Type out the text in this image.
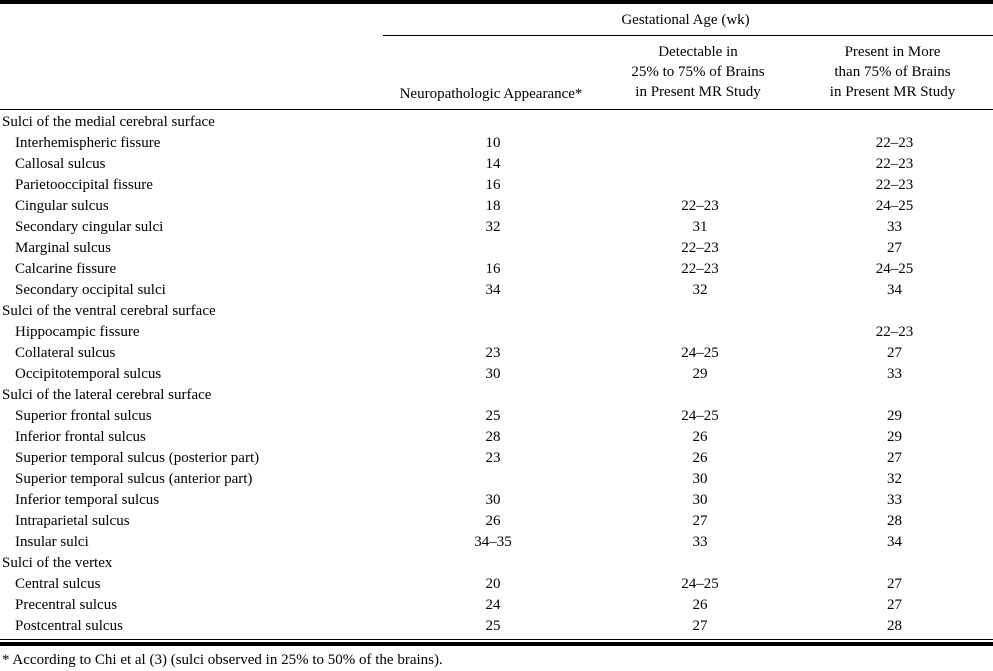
Gestational Age (wk)
Neuropathologic Appearance*
Detectable in
25% to 75% of Brains
in Present MR Study
Present in More
than 75% of Brains
in Present MR Study
Sulci of the medial cerebral surface			
Interhemispheric fissure	10		22–23
Callosal sulcus	14		22–23
Parietooccipital fissure	16		22–23
Cingular sulcus	18	22–23	24–25
Secondary cingular sulci	32	31	33
Marginal sulcus		22–23	27
Calcarine fissure	16	22–23	24–25
Secondary occipital sulci	34	32	34
Sulci of the ventral cerebral surface			
Hippocampic fissure			22–23
Collateral sulcus	23	24–25	27
Occipitotemporal sulcus	30	29	33
Sulci of the lateral cerebral surface			
Superior frontal sulcus	25	24–25	29
Inferior frontal sulcus	28	26	29
Superior temporal sulcus (posterior part)	23	26	27
Superior temporal sulcus (anterior part)		30	32
Inferior temporal sulcus	30	30	33
Intraparietal sulcus	26	27	28
Insular sulci	34–35	33	34
Sulci of the vertex			
Central sulcus	20	24–25	27
Precentral sulcus	24	26	27
Postcentral sulcus	25	27	28
* According to Chi et al (3) (sulci observed in 25% to 50% of the brains).
